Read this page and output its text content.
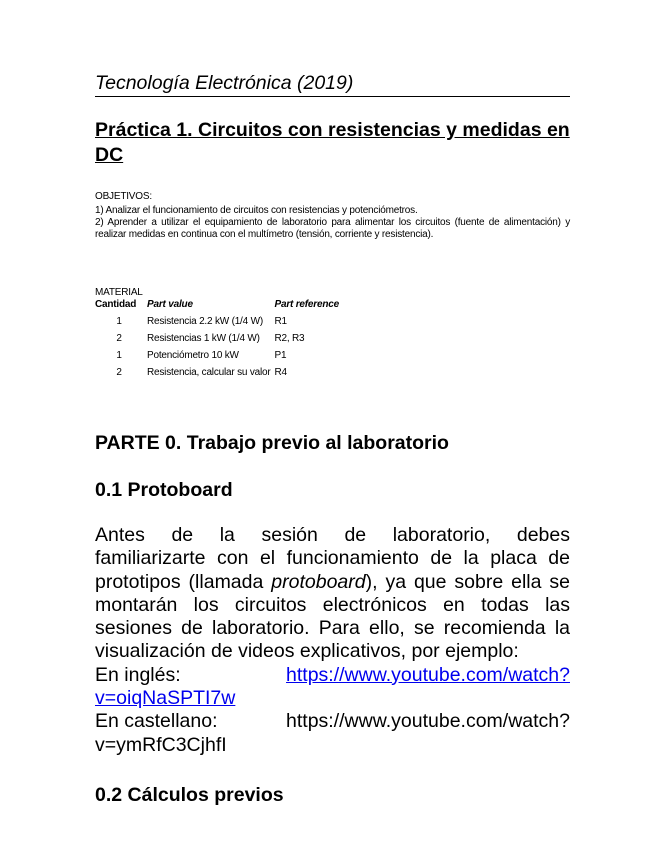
Tecnología Electrónica (2019)
Práctica 1. Circuitos con resistencias y medidas en DC
OBJETIVOS:
1) Analizar el funcionamiento de circuitos con resistencias y potenciómetros.
2) Aprender a utilizar el equipamiento de laboratorio para alimentar los circuitos (fuente de alimentación) y realizar medidas en continua con el multímetro (tensión, corriente y resistencia).
MATERIAL
Cantidad	Part value	Part reference
1	Resistencia 2.2 kW (1/4 W)	R1
2	Resistencias 1 kW (1/4 W)	R2, R3
1	Potenciómetro 10 kW	P1
2	Resistencia, calcular su valor	R4
PARTE 0. Trabajo previo al laboratorio
0.1 Protoboard
Antes de la sesión de laboratorio, debes
familiarizarte con el funcionamiento de la placa de
prototipos (llamada protoboard), ya que sobre ella se
montarán los circuitos electrónicos en todas las
sesiones de laboratorio. Para ello, se recomienda la
visualización de videos explicativos, por ejemplo:
En inglés:	https://www.youtube.com/watch?
v=oiqNaSPTI7w
En castellano:	https://www.youtube.com/watch?
v=ymRfC3CjhfI
0.2 Cálculos previos
